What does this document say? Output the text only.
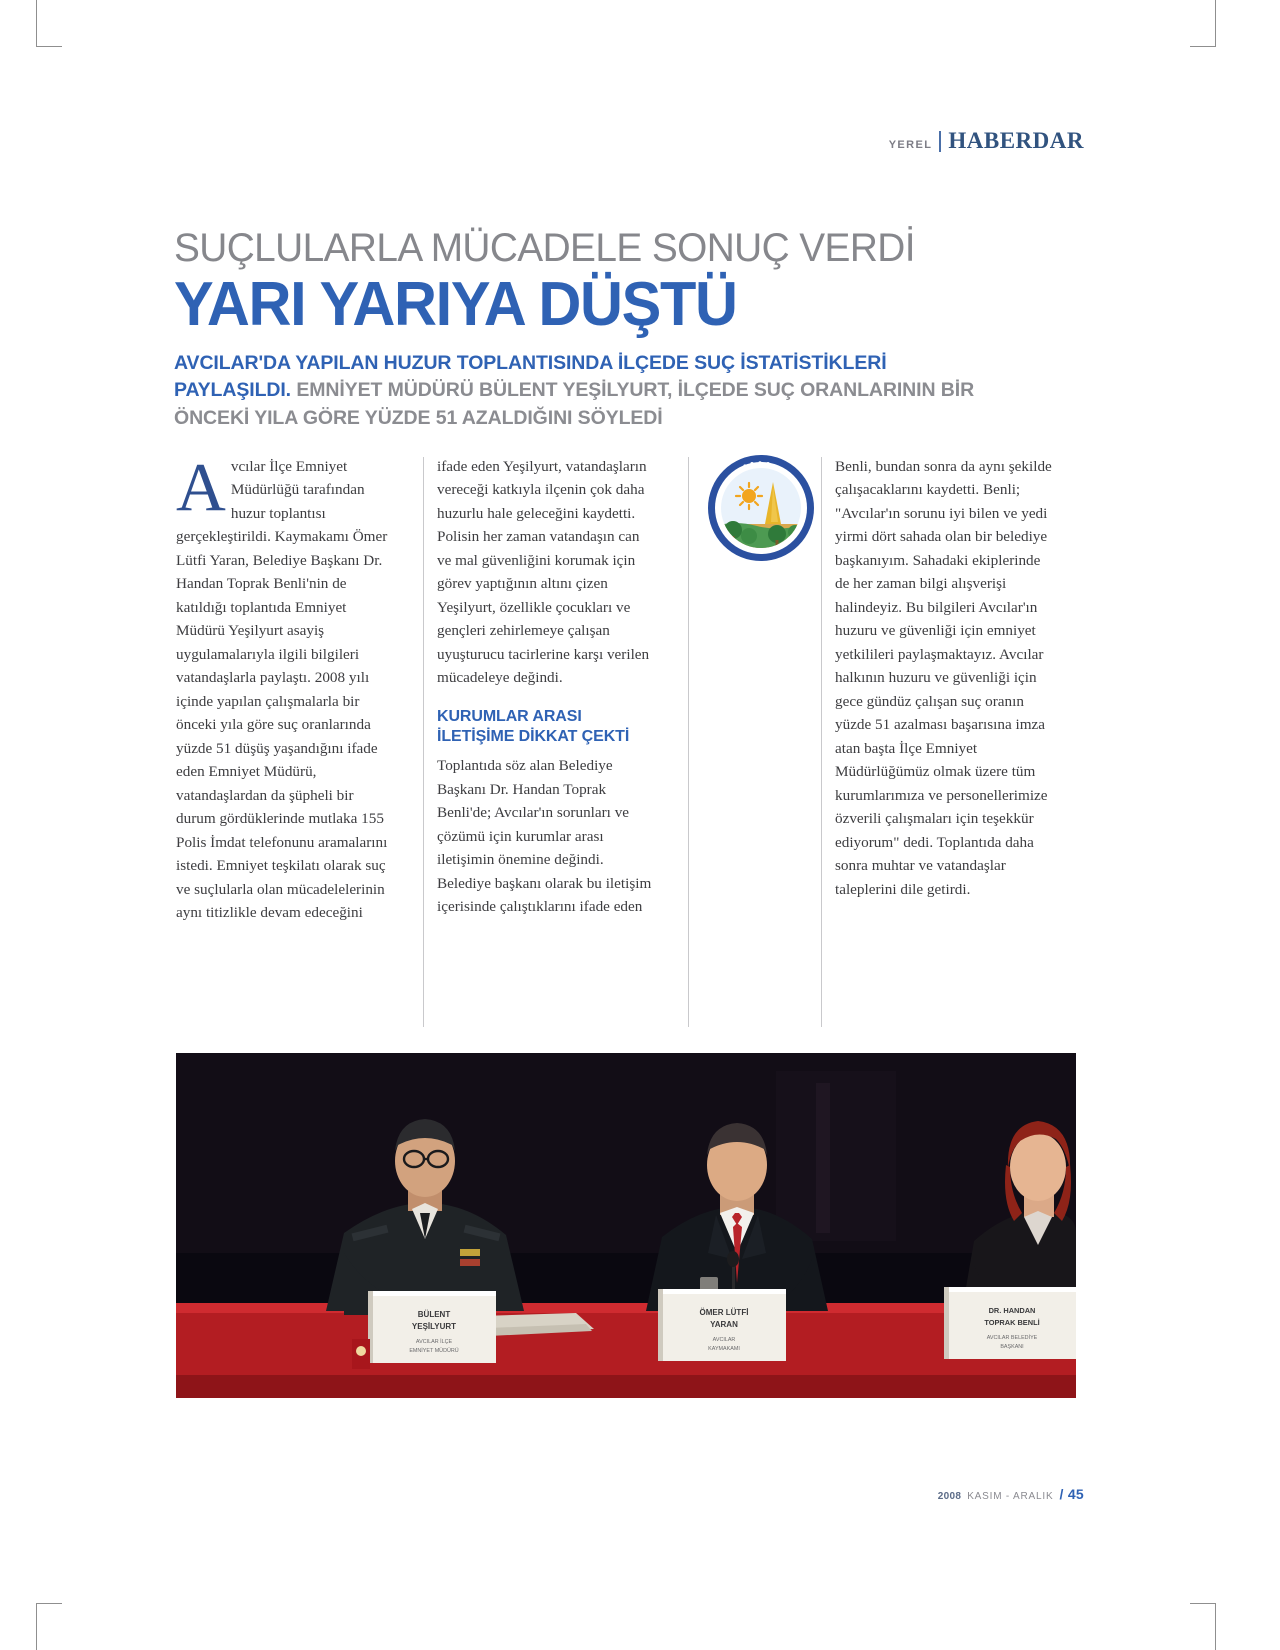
YEREL HABERDAR
SUÇLULARLA MÜCADELE SONUÇ VERDİ
YARI YARIYA DÜŞTÜ
AVCILAR'DA YAPILAN HUZUR TOPLANTISINDA İLÇEDE SUÇ İSTATİSTİKLERİ PAYLAŞILDI. EMNİYET MÜDÜRÜ BÜLENT YEŞİLYURT, İLÇEDE SUÇ ORANLARININ BİR ÖNCEKİ YILA GÖRE YÜZDE 51 AZALDIĞINI SÖYLEDİ

Avcılar İlçe Emniyet Müdürlüğü tarafından huzur toplantısı gerçekleştirildi. Kaymakamı Ömer Lütfi Yaran, Belediye Başkanı Dr. Handan Toprak Benli'nin de katıldığı toplantıda Emniyet Müdürü Yeşilyurt asayiş uygulamalarıyla ilgili bilgileri vatandaşlarla paylaştı. 2008 yılı içinde yapılan çalışmalarla bir önceki yıla göre suç oranlarında yüzde 51 düşüş yaşandığını ifade eden Emniyet Müdürü, vatandaşlardan da şüpheli bir durum gördüklerinde mutlaka 155 Polis İmdat telefonunu aramalarını istedi. Emniyet teşkilatı olarak suç ve suçlularla olan mücadelelerinin aynı titizlikle devam edeceğini

ifade eden Yeşilyurt, vatandaşların vereceği katkıyla ilçenin çok daha huzurlu hale geleceğini kaydetti. Polisin her zaman vatandaşın can ve mal güvenliğini korumak için görev yaptığının altını çizen Yeşilyurt, özellikle çocukları ve gençleri zehirlemeye çalışan uyuşturucu tacirlerine karşı verilen mücadeleye değindi.

KURUMLAR ARASI
İLETİŞİME DİKKAT ÇEKTİ

Toplantıda söz alan Belediye Başkanı Dr. Handan Toprak Benli'de; Avcılar'ın sorunları ve çözümü için kurumlar arası iletişimin önemine değindi. Belediye başkanı olarak bu iletişim içerisinde çalıştıklarını ifade eden

Benli, bundan sonra da aynı şekilde çalışacaklarını kaydetti. Benli; "Avcılar'ın sorunu iyi bilen ve yedi yirmi dört sahada olan bir belediye başkanıyım. Sahadaki ekiplerinde de her zaman bilgi alışverişi halindeyiz. Bu bilgileri Avcılar'ın huzuru ve güvenliği için emniyet yetkilileri paylaşmaktayız. Avcılar halkının huzuru ve güvenliği için gece gündüz çalışan suç oranın yüzde 51 azalması başarısına imza atan başta İlçe Emniyet Müdürlüğümüz olmak üzere tüm kurumlarımıza ve personellerimize özverili çalışmaları için teşekkür ediyorum" dedi. Toplantıda daha sonra muhtar ve vatandaşlar taleplerini dile getirdi.

BÜLENT
YEŞİLYURT
AVCILAR İLÇE
EMNİYET MÜDÜRÜ
ÖMER LÜTFİ
YARAN
AVCILAR
KAYMAKAMI
DR. HANDAN
TOPRAK BENLİ
AVCILAR BELEDİYE
BAŞKANI
2008 KASIM - ARALIK / 45
